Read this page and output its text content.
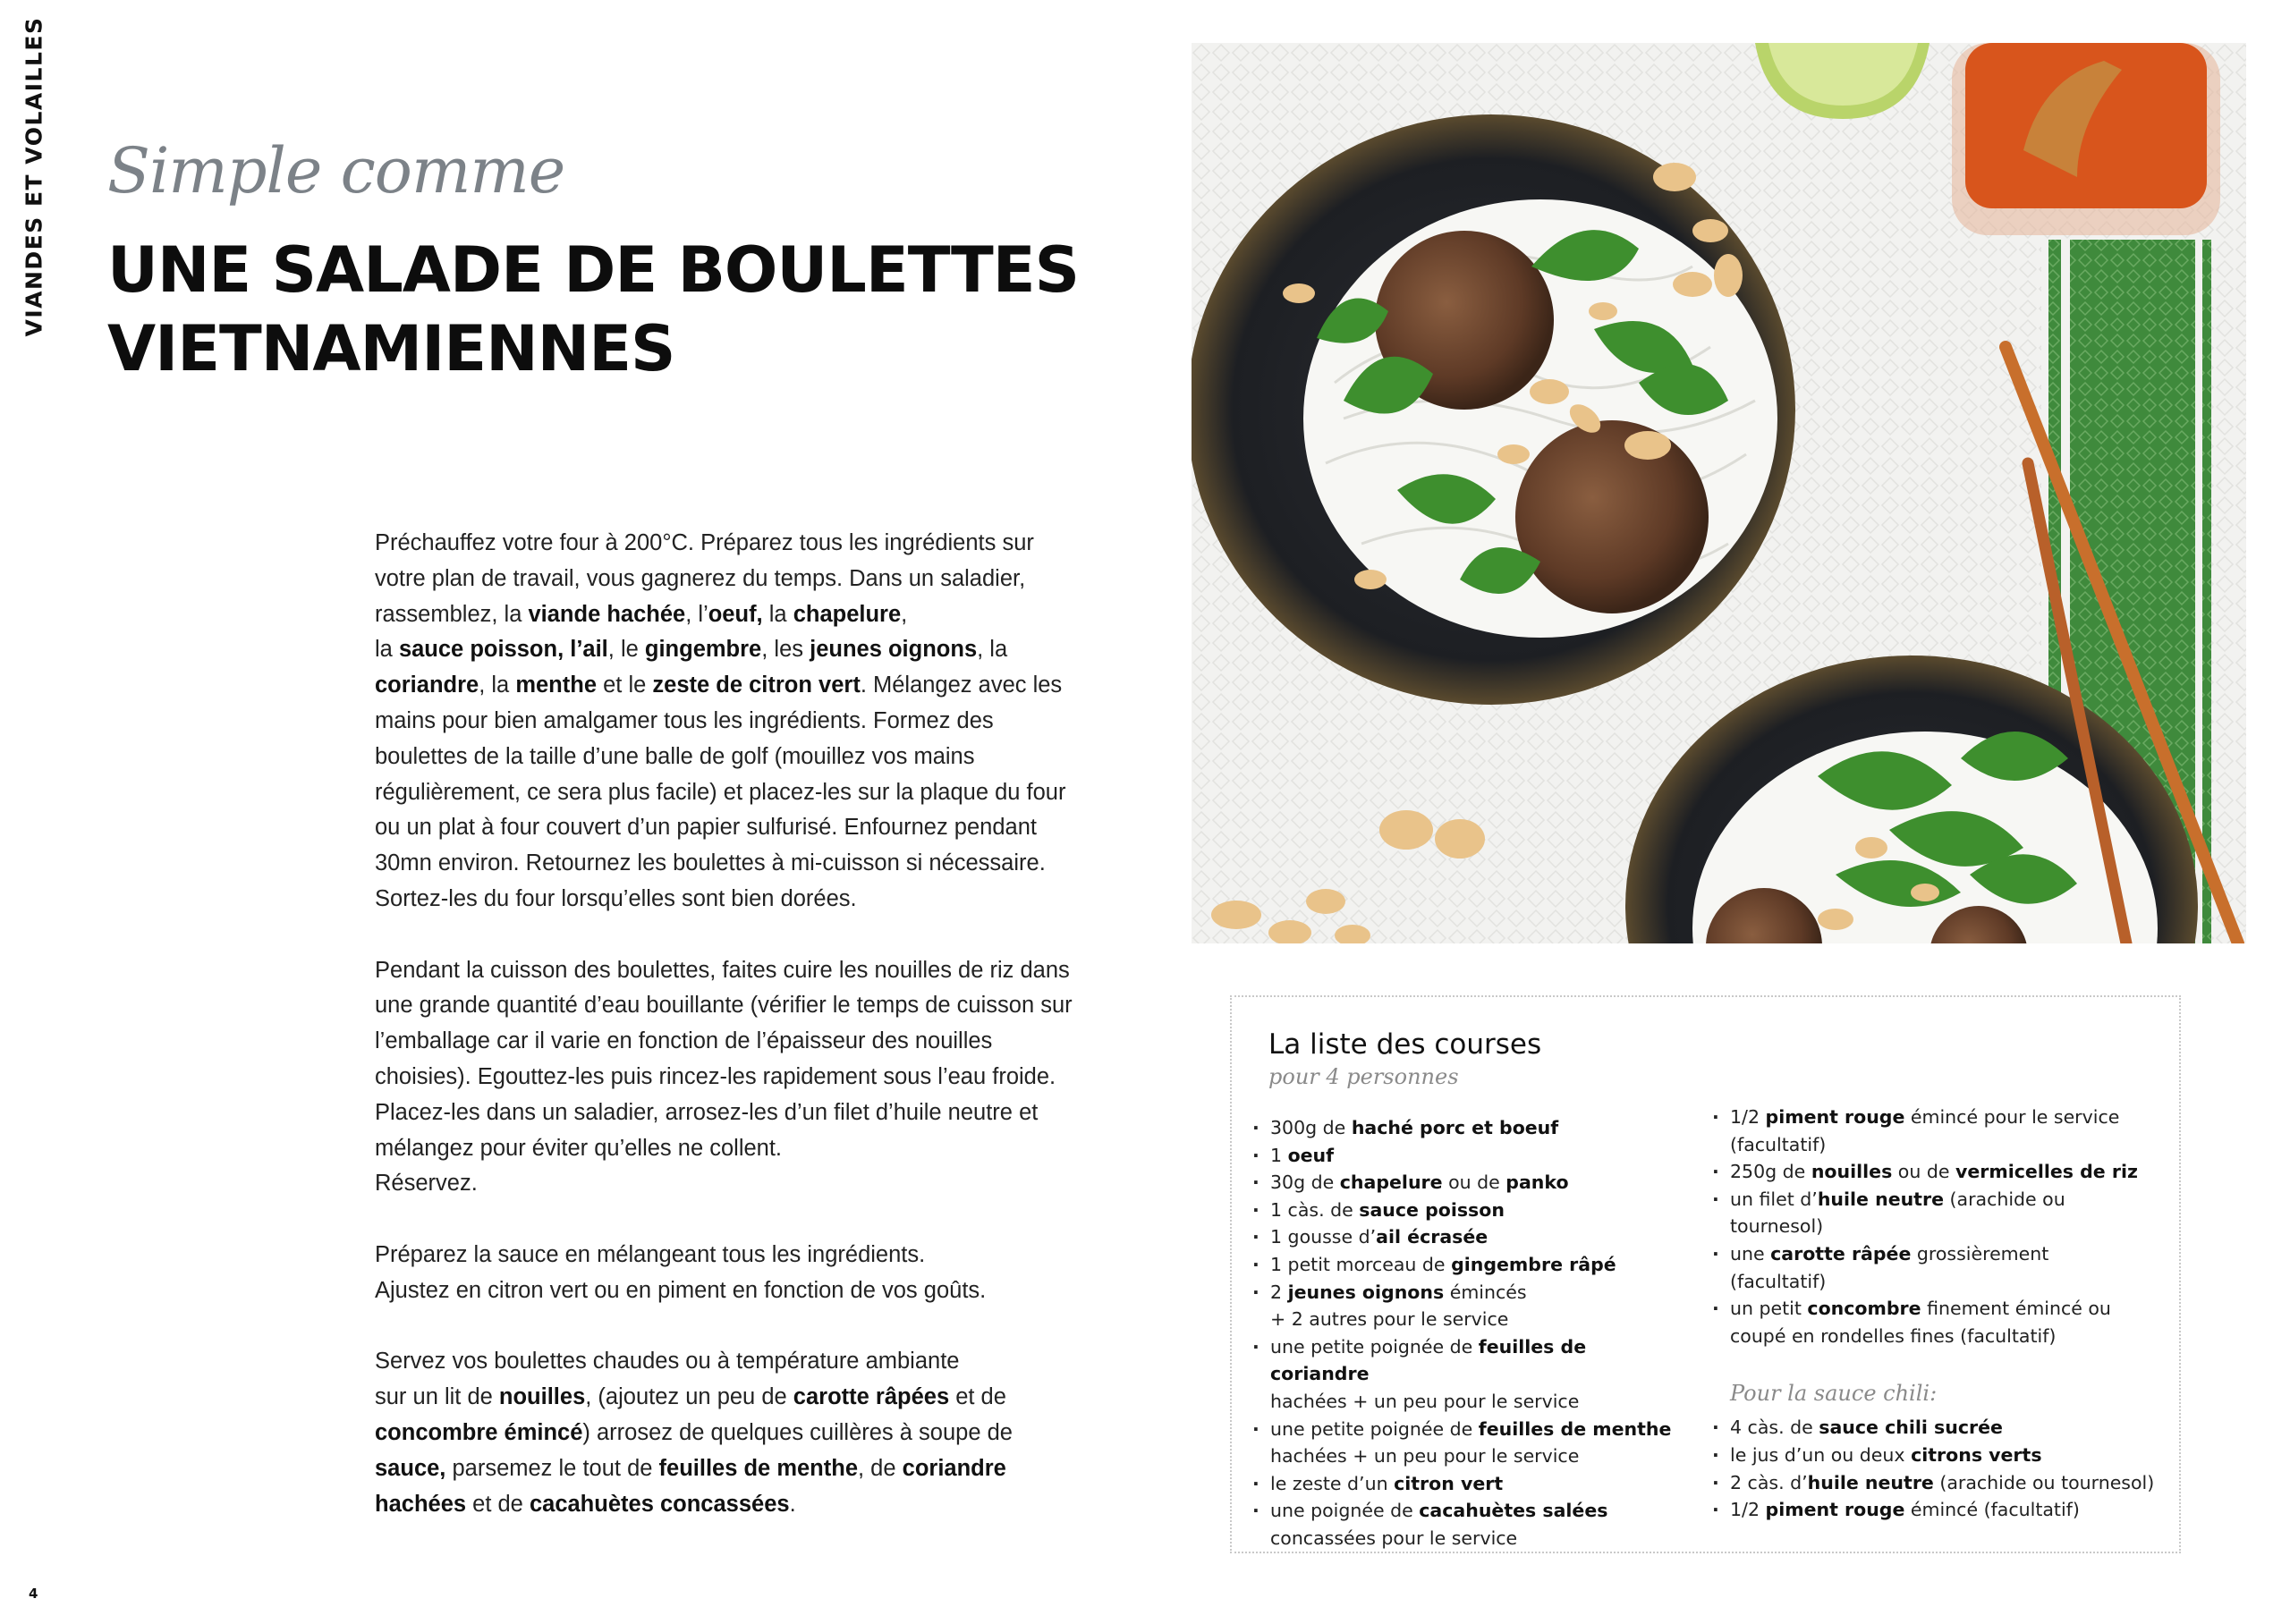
VIANDES ET VOLAILLES Simple comme
UNE SALADE DE BOULETTES
VIETNAMIENNES

Préchauffez votre four à 200°C. Préparez tous les ingrédients sur votre plan de travail, vous gagnerez du temps. Dans un saladier, rassemblez, la viande hachée, l’oeuf, la chapelure,
la sauce poisson, l’ail, le gingembre, les jeunes oignons, la coriandre, la menthe et le zeste de citron vert. Mélangez avec les mains pour bien amalgamer tous les ingrédients. Formez des boulettes de la taille d’une balle de golf (mouillez vos mains régulièrement, ce sera plus facile) et placez-les sur la plaque du four ou un plat à four couvert d’un papier sulfurisé. Enfournez pendant 30mn environ. Retournez les boulettes à mi-cuisson si nécessaire. Sortez-les du four lorsqu’elles sont bien dorées.

Pendant la cuisson des boulettes, faites cuire les nouilles de riz dans une grande quantité d’eau bouillante (vérifier le temps de cuisson sur l’emballage car il varie en fonction de l’épaisseur des nouilles choisies). Egouttez-les puis rincez-les rapidement sous l’eau froide. Placez-les dans un saladier, arrosez-les d’un filet d’huile neutre et mélangez pour éviter qu’elles ne collent.
Réservez.

Préparez la sauce en mélangeant tous les ingrédients.
Ajustez en citron vert ou en piment en fonction de vos goûts.

Servez vos boulettes chaudes ou à température ambiante
sur un lit de nouilles, (ajoutez un peu de carotte râpées et de concombre émincé) arrosez de quelques cuillères à soupe de sauce, parsemez le tout de feuilles de menthe, de coriandre hachées et de cacahuètes concassées.

La liste des courses
pour 4 personnes
· 300g de haché porc et boeuf
· 1 oeuf
· 30g de chapelure ou de panko
· 1 càs. de sauce poisson
· 1 gousse d’ail écrasée
· 1 petit morceau de gingembre râpé
· 2 jeunes oignons émincés
+ 2 autres pour le service
· une petite poignée de feuilles de coriandre
hachées + un peu pour le service
· une petite poignée de feuilles de menthe
hachées + un peu pour le service
· le zeste d’un citron vert
· une poignée de cacahuètes salées
concassées pour le service
· 1/2 piment rouge émincé pour le service
(facultatif)
· 250g de nouilles ou de vermicelles de riz
· un filet d’huile neutre (arachide ou
tournesol)
· une carotte râpée grossièrement
(facultatif)
· un petit concombre finement émincé ou
coupé en rondelles fines (facultatif)
Pour la sauce chili:
· 4 càs. de sauce chili sucrée
· le jus d’un ou deux citrons verts
· 2 càs. d’huile neutre (arachide ou tournesol)
· 1/2 piment rouge émincé (facultatif)
4
